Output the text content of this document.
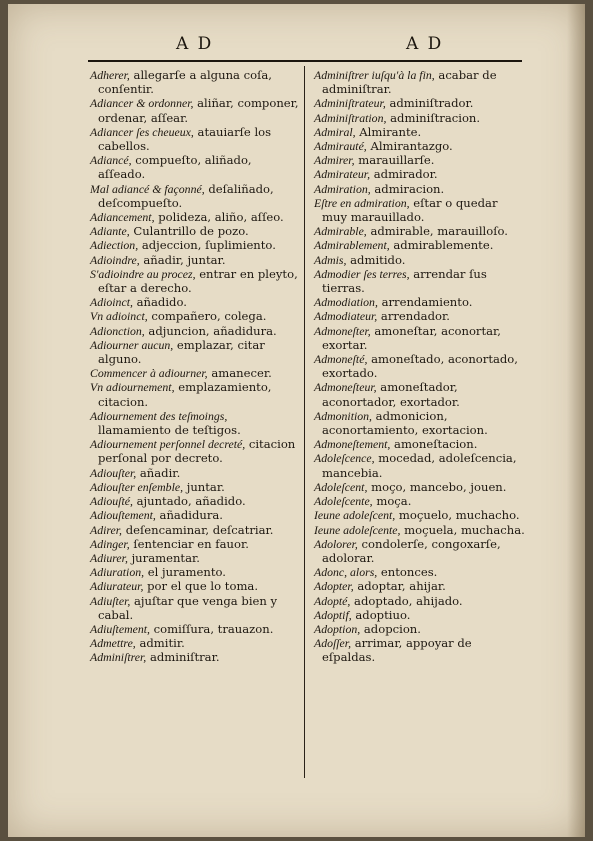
A D	A D
Adherer, allegarſe a alguna coſa, conſentir.
Adiancer & ordonner, aliñar, componer, ordenar, aſſear.
Adiancer ſes cheueux, atauiarſe los cabellos.
Adiancé, compueſto, aliñado, aſſeado.
Mal adiancé & façonné, deſaliñado, deſcompueſto.
Adiancement, polideza, aliño, aſſeo.
Adiante, Culantrillo de pozo.
Adiection, adjeccion, ſuplimiento.
Adioindre, añadir, juntar.
S'adioindre au procez, entrar en pleyto, eſtar a derecho.
Adioinct, añadido.
Vn adioinct, compañero, colega.
Adionction, adjuncion, añadidura.
Adiourner aucun, emplazar, citar alguno.
Commencer à adiourner, amanecer.
Vn adiournement, emplazamiento, citacion.
Adiournement des teſmoings, llamamiento de teſtigos.
Adiournement perſonnel decreté, citacion perſonal por decreto.
Adiouſter, añadir.
Adiouſter enſemble, juntar.
Adiouſté, ajuntado, añadido.
Adiouſtement, añadidura.
Adirer, deſencaminar, deſcatriar.
Adinger, ſentenciar en fauor.
Adiurer, juramentar.
Adiuration, el juramento.
Adiurateur, por el que lo toma.
Adiuſter, ajuſtar que venga bien y cabal.
Adiuſtement, comiſſura, trauazon.
Admettre, admitir.
Adminiſtrer, adminiſtrar.
Adminiſtrer iuſqu'à la fin, acabar de adminiſtrar.
Adminiſtrateur, adminiſtrador.
Adminiſtration, adminiſtracion.
Admiral, Almirante.
Admirauté, Almirantazgo.
Admirer, marauillarſe.
Admirateur, admirador.
Admiration, admiracion.
Eſtre en admiration, eſtar o quedar muy marauillado.
Admirable, admirable, marauilloſo.
Admirablement, admirablemente.
Admis, admitido.
Admodier ſes terres, arrendar ſus tierras.
Admodiation, arrendamiento.
Admodiateur, arrendador.
Admoneſter, amoneſtar, aconortar, exortar.
Admoneſté, amoneſtado, aconortado, exortado.
Admoneſteur, amoneſtador, aconortador, exortador.
Admonition, admonicion, aconortamiento, exortacion.
Admoneſtement, amoneſtacion.
Adoleſcence, mocedad, adoleſcencia, mancebia.
Adoleſcent, moço, mancebo, jouen.
Adoleſcente, moça.
Ieune adoleſcent, moçuelo, muchacho.
Ieune adoleſcente, moçuela, muchacha.
Adolorer, condolerſe, congoxarſe, adolorar.
Adonc, alors, entonces.
Adopter, adoptar, ahijar.
Adopté, adoptado, ahijado.
Adoptif, adoptiuo.
Adoption, adopcion.
Adoſſer, arrimar, appoyar de eſpaldas.
